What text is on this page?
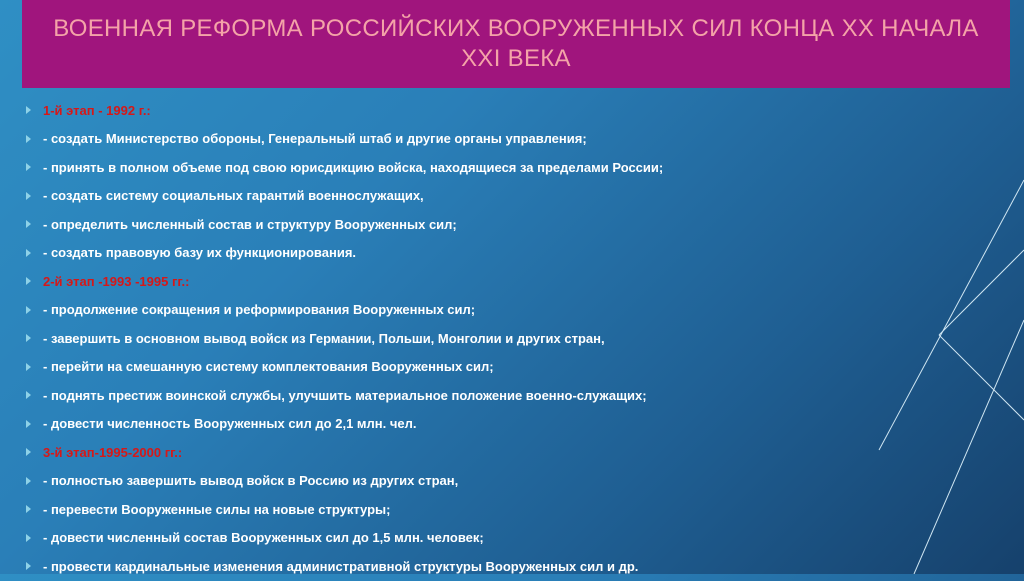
ВОЕННАЯ РЕФОРМА РОССИЙСКИХ ВООРУЖЕННЫХ СИЛ КОНЦА XX НАЧАЛА XXI ВЕКА
1-й этап - 1992 г.:
- создать Министерство обороны, Генеральный штаб и другие органы управления;
- принять в полном объеме под свою юрисдикцию войска, находящиеся за пределами России;
- создать систему социальных гарантий военнослужащих,
- определить численный состав и структуру Вооруженных сил;
- создать правовую базу их функционирования.
2-й этап -1993 -1995 гг.:
- продолжение сокращения и реформирования Вооруженных сил;
- завершить в основном вывод войск из Германии, Польши, Монголии и других стран,
- перейти на смешанную систему комплектования Вооруженных сил;
- поднять престиж воинской службы, улучшить материальное положение военно-служащих;
- довести численность Вооруженных сил до 2,1 млн. чел.
3-й этап-1995-2000 гг.:
- полностью завершить вывод войск в Россию из других стран,
- перевести Вооруженные силы на новые структуры;
- довести численный состав Вооруженных сил до 1,5 млн. человек;
- провести кардинальные изменения административной структуры Вооруженных сил и др.
